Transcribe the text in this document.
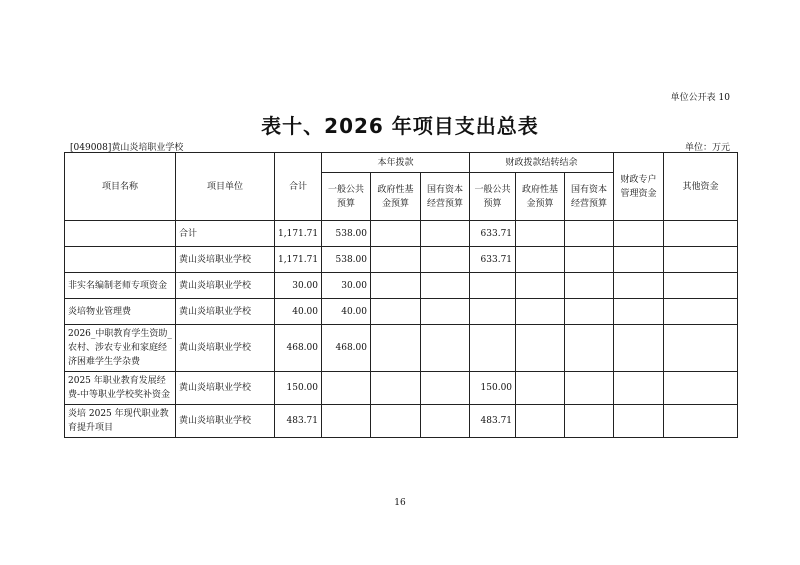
单位公开表 10
表十、2026 年项目支出总表
[049008]黄山炎培职业学校	单位：万元
项目名称	项目单位	合计	本年拨款			财政拨款结转结余			财政专户管理资金	其他资金
			一般公共预算	政府性基金预算	国有资本经营预算	一般公共预算	政府性基金预算	国有资本经营预算		
	合计	1,171.71	538.00			633.71				
	黄山炎培职业学校	1,171.71	538.00			633.71				
非实名编制老师专项资金	黄山炎培职业学校	30.00	30.00							
炎培物业管理费	黄山炎培职业学校	40.00	40.00							
2026_中职教育学生资助_农村、涉农专业和家庭经济困难学生学杂费	黄山炎培职业学校	468.00	468.00							
2025 年职业教育发展经费-中等职业学校奖补资金	黄山炎培职业学校	150.00				150.00				
炎培 2025 年现代职业教育提升项目	黄山炎培职业学校	483.71				483.71				
16
